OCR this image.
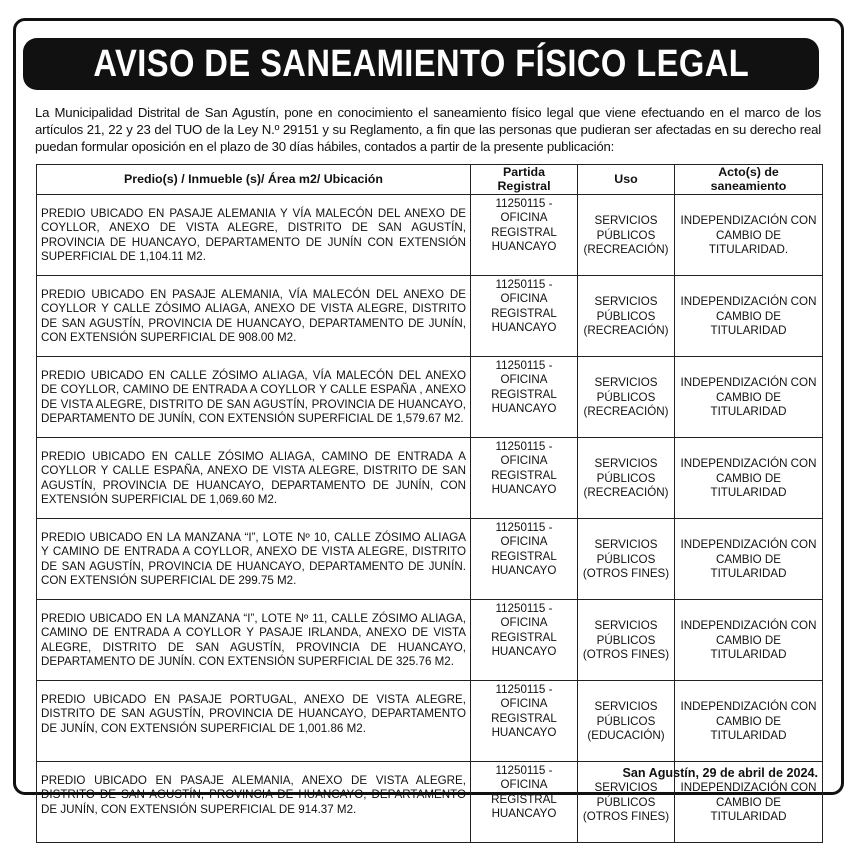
AVISO DE SANEAMIENTO FÍSICO LEGAL
La Municipalidad Distrital de San Agustín, pone en conocimiento el saneamiento físico legal que viene efectuando en el marco de los artículos 21, 22 y 23 del TUO de la Ley N.º 29151 y su Reglamento, a fin que las personas que pudieran ser afectadas en su derecho real puedan formular oposición en el plazo de 30 días hábiles, contados a partir de la presente publicación:
Predio(s) / Inmueble (s)/ Área m2/ Ubicación	Partida Registral	Uso	Acto(s) de saneamiento
PREDIO UBICADO EN PASAJE ALEMANIA Y VÍA MALECÓN DEL ANEXO DE COYLLOR, ANEXO DE VISTA ALEGRE, DISTRITO DE SAN AGUSTÍN, PROVINCIA DE HUANCAYO, DEPARTAMENTO DE JUNÍN CON EXTENSIÓN SUPERFICIAL DE 1,104.11 M2.	11250115 -OFICINA REGISTRAL HUANCAYO	SERVICIOS PÚBLICOS (RECREACIÓN)	INDEPENDIZACIÓN CON CAMBIO DE TITULARIDAD.
PREDIO UBICADO EN PASAJE ALEMANIA, VÍA MALECÓN DEL ANEXO DE COYLLOR Y CALLE ZÓSIMO ALIAGA, ANEXO DE VISTA ALEGRE, DISTRITO DE SAN AGUSTÍN, PROVINCIA DE HUANCAYO, DEPARTAMENTO DE JUNÍN, CON EXTENSIÓN SUPERFICIAL DE 908.00 M2.	11250115 -OFICINA REGISTRAL HUANCAYO	SERVICIOS PÚBLICOS (RECREACIÓN)	INDEPENDIZACIÓN CON CAMBIO DE TITULARIDAD
PREDIO UBICADO EN CALLE ZÓSIMO ALIAGA, VÍA MALECÓN DEL ANEXO DE COYLLOR, CAMINO DE ENTRADA A COYLLOR Y CALLE ESPAÑA , ANEXO DE VISTA ALEGRE, DISTRITO DE SAN AGUSTÍN, PROVINCIA DE HUANCAYO, DEPARTAMENTO DE JUNÍN, CON EXTENSIÓN SUPERFICIAL DE 1,579.67 M2.	11250115 -OFICINA REGISTRAL HUANCAYO	SERVICIOS PÚBLICOS (RECREACIÓN)	INDEPENDIZACIÓN CON CAMBIO DE TITULARIDAD
PREDIO UBICADO EN CALLE ZÓSIMO ALIAGA, CAMINO DE ENTRADA A COYLLOR Y CALLE ESPAÑA, ANEXO DE VISTA ALEGRE, DISTRITO DE SAN AGUSTÍN, PROVINCIA DE HUANCAYO, DEPARTAMENTO DE JUNÍN, CON EXTENSIÓN SUPERFICIAL DE 1,069.60 M2.	11250115 -OFICINA REGISTRAL HUANCAYO	SERVICIOS PÚBLICOS (RECREACIÓN)	INDEPENDIZACIÓN CON CAMBIO DE TITULARIDAD
PREDIO UBICADO EN LA MANZANA “I”, LOTE Nº 10, CALLE ZÓSIMO ALIAGA Y CAMINO DE ENTRADA A COYLLOR, ANEXO DE VISTA ALEGRE, DISTRITO DE SAN AGUSTÍN, PROVINCIA DE HUANCAYO, DEPARTAMENTO DE JUNÍN. CON EXTENSIÓN SUPERFICIAL DE 299.75 M2.	11250115 -OFICINA REGISTRAL HUANCAYO	SERVICIOS PÚBLICOS (OTROS FINES)	INDEPENDIZACIÓN CON CAMBIO DE TITULARIDAD
PREDIO UBICADO EN LA MANZANA “I”, LOTE Nº 11, CALLE ZÓSIMO ALIAGA, CAMINO DE ENTRADA A COYLLOR Y PASAJE IRLANDA, ANEXO DE VISTA ALEGRE, DISTRITO DE SAN AGUSTÍN, PROVINCIA DE HUANCAYO, DEPARTAMENTO DE JUNÍN. CON EXTENSIÓN SUPERFICIAL DE 325.76 M2.	11250115 -OFICINA REGISTRAL HUANCAYO	SERVICIOS PÚBLICOS (OTROS FINES)	INDEPENDIZACIÓN CON CAMBIO DE TITULARIDAD
PREDIO UBICADO EN PASAJE PORTUGAL, ANEXO DE VISTA ALEGRE, DISTRITO DE SAN AGUSTÍN, PROVINCIA DE HUANCAYO, DEPARTAMENTO DE JUNÍN, CON EXTENSIÓN SUPERFICIAL DE 1,001.86 M2.	11250115 -OFICINA REGISTRAL HUANCAYO	SERVICIOS PÚBLICOS (EDUCACIÓN)	INDEPENDIZACIÓN CON CAMBIO DE TITULARIDAD
PREDIO UBICADO EN PASAJE ALEMANIA, ANEXO DE VISTA ALEGRE, DISTRITO DE SAN AGUSTÍN, PROVINCIA DE HUANCAYO, DEPARTAMENTO DE JUNÍN, CON EXTENSIÓN SUPERFICIAL DE 914.37 M2.	11250115 -OFICINA REGISTRAL HUANCAYO	SERVICIOS PÚBLICOS (OTROS FINES)	INDEPENDIZACIÓN CON CAMBIO DE TITULARIDAD
San Agustín, 29 de abril de 2024.
